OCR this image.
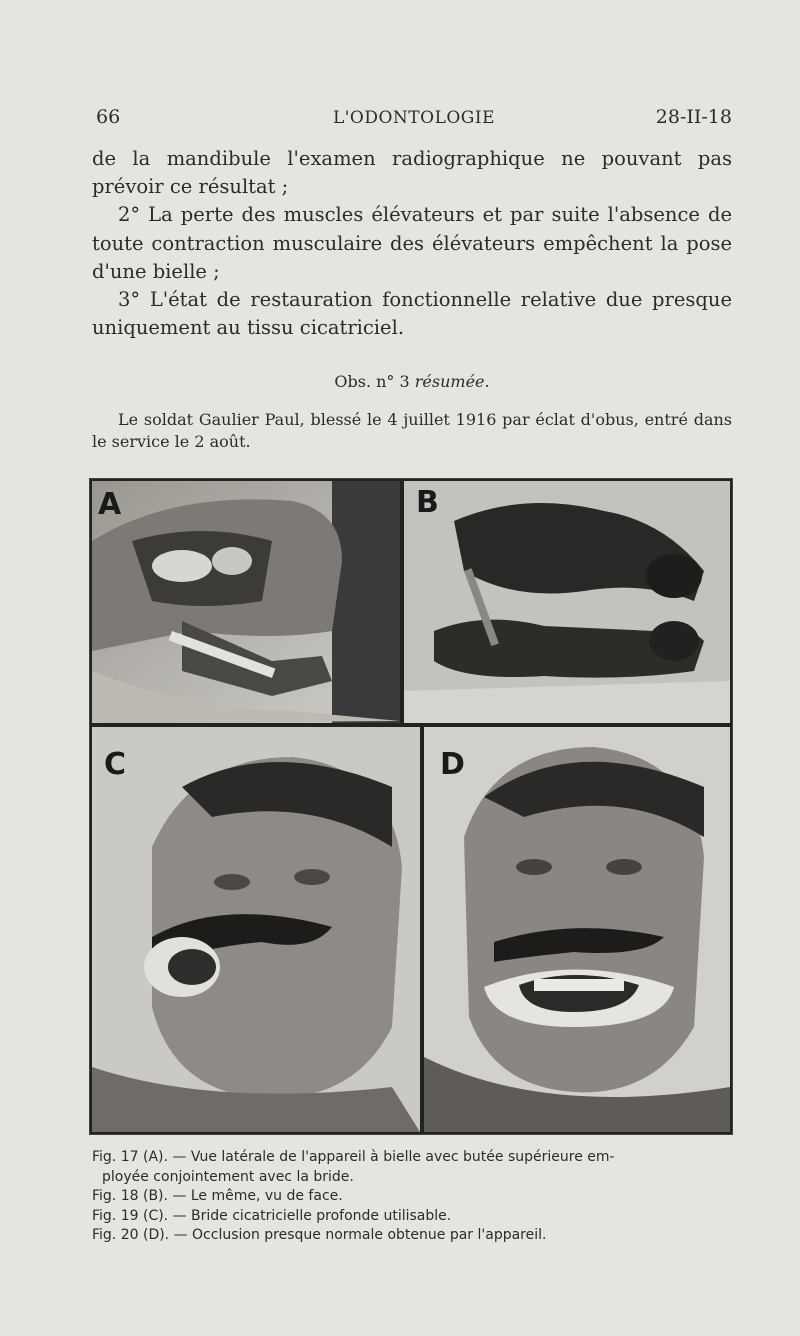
66	L'ODONTOLOGIE	28-II-18

de la mandibule l'examen radiographique ne pouvant pas prévoir ce résultat ;

2° La perte des muscles élévateurs et par suite l'absence de toute contraction musculaire des élévateurs empêchent la pose d'une bielle ;

3° L'état de restauration fonctionnelle relative due presque uniquement au tissu cicatriciel.

Obs. n° 3 résumée.

Le soldat Gaulier Paul, blessé le 4 juillet 1916 par éclat d'obus, entré dans le service le 2 août.

A	B
C	D

Fig. 17 (A). — Vue latérale de l'appareil à bielle avec butée supérieure em-

ployée conjointement avec la bride.

Fig. 18 (B). — Le même, vu de face.

Fig. 19 (C). — Bride cicatricielle profonde utilisable.

Fig. 20 (D). — Occlusion presque normale obtenue par l'appareil.
